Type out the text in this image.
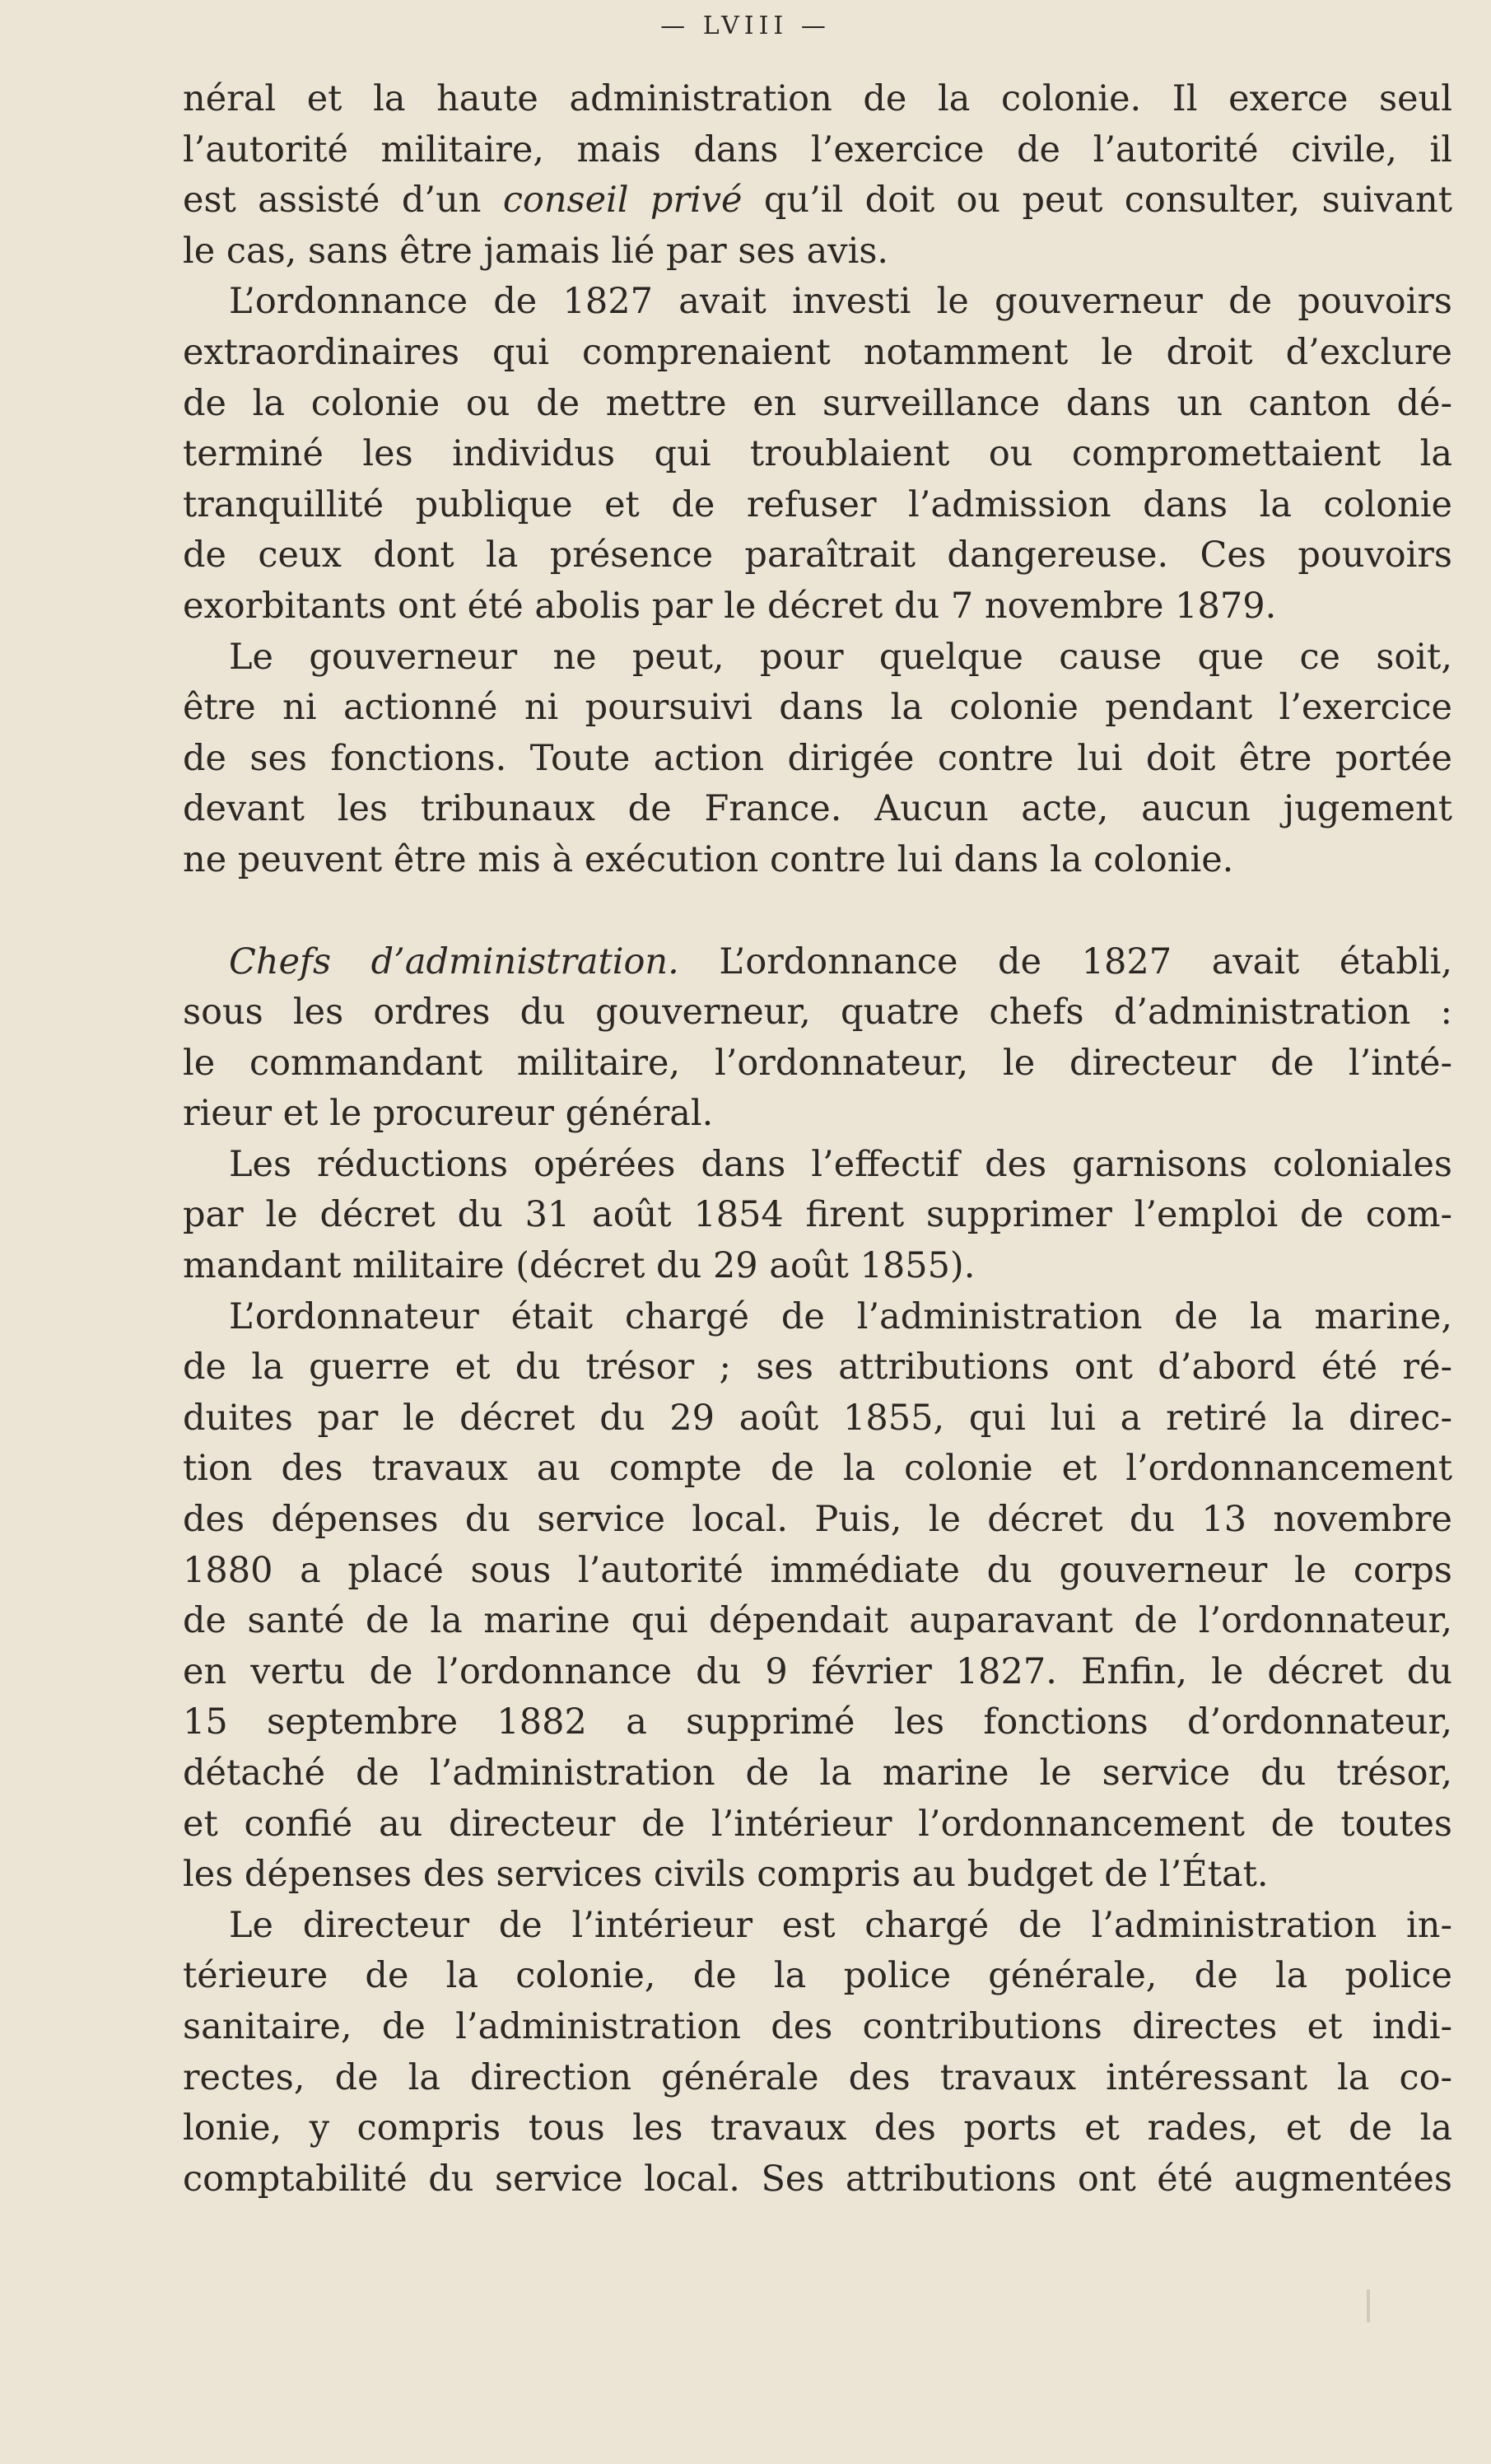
— LVIII —
néral et la haute administration de la colonie. Il exerce seul
l’autorité militaire, mais dans l’exercice de l’autorité civile, il
est assisté d’un conseil privé qu’il doit ou peut consulter, suivant
le cas, sans être jamais lié par ses avis.
L’ordonnance de 1827 avait investi le gouverneur de pouvoirs
extraordinaires qui comprenaient notamment le droit d’exclure
de la colonie ou de mettre en surveillance dans un canton dé-
terminé les individus qui troublaient ou compromettaient la
tranquillité publique et de refuser l’admission dans la colonie
de ceux dont la présence paraîtrait dangereuse. Ces pouvoirs
exorbitants ont été abolis par le décret du 7 novembre 1879.
Le gouverneur ne peut, pour quelque cause que ce soit,
être ni actionné ni poursuivi dans la colonie pendant l’exercice
de ses fonctions. Toute action dirigée contre lui doit être portée
devant les tribunaux de France. Aucun acte, aucun jugement
ne peuvent être mis à exécution contre lui dans la colonie.
Chefs d’administration. L’ordonnance de 1827 avait établi,
sous les ordres du gouverneur, quatre chefs d’administration :
le commandant militaire, l’ordonnateur, le directeur de l’inté-
rieur et le procureur général.
Les réductions opérées dans l’effectif des garnisons coloniales
par le décret du 31 août 1854 firent supprimer l’emploi de com-
mandant militaire (décret du 29 août 1855).
L’ordonnateur était chargé de l’administration de la marine,
de la guerre et du trésor ; ses attributions ont d’abord été ré-
duites par le décret du 29 août 1855, qui lui a retiré la direc-
tion des travaux au compte de la colonie et l’ordonnancement
des dépenses du service local. Puis, le décret du 13 novembre
1880 a placé sous l’autorité immédiate du gouverneur le corps
de santé de la marine qui dépendait auparavant de l’ordonnateur,
en vertu de l’ordonnance du 9 février 1827. Enfin, le décret du
15 septembre 1882 a supprimé les fonctions d’ordonnateur,
détaché de l’administration de la marine le service du trésor,
et confié au directeur de l’intérieur l’ordonnancement de toutes
les dépenses des services civils compris au budget de l’État.
Le directeur de l’intérieur est chargé de l’administration in-
térieure de la colonie, de la police générale, de la police
sanitaire, de l’administration des contributions directes et indi-
rectes, de la direction générale des travaux intéressant la co-
lonie, y compris tous les travaux des ports et rades, et de la
comptabilité du service local. Ses attributions ont été augmentées
